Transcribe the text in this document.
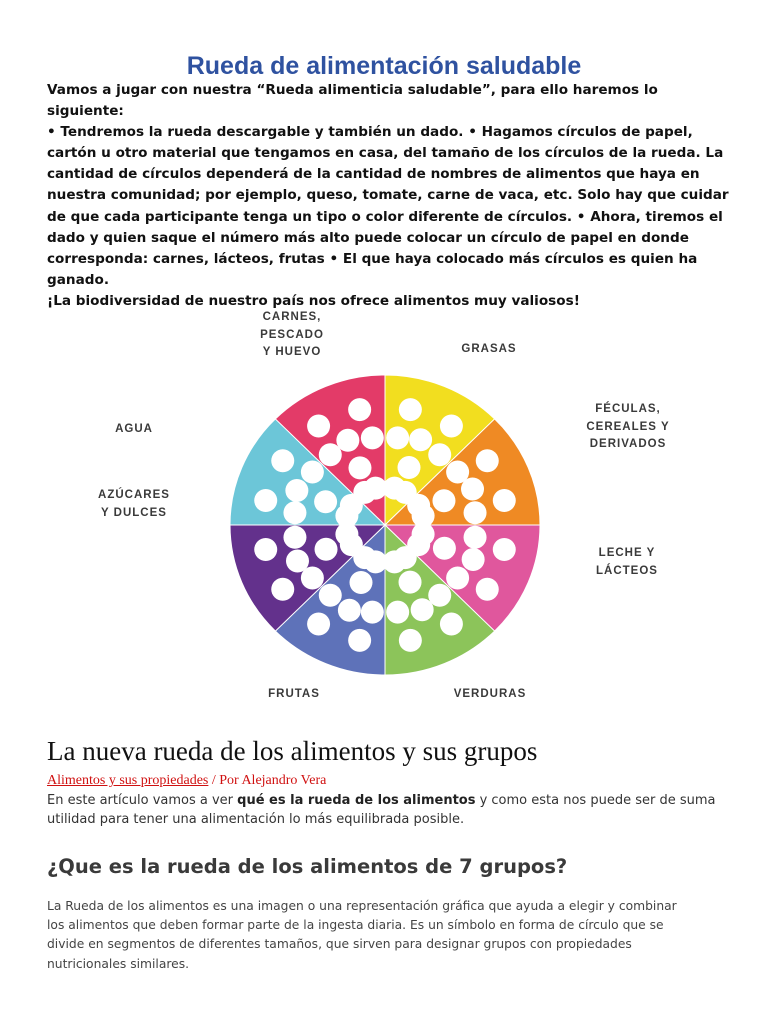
Rueda de alimentación saludable

Vamos a jugar con nuestra “Rueda alimenticia saludable”, para ello haremos lo siguiente:

• Tendremos la rueda descargable y también un dado. • Hagamos círculos de papel,

cartón u otro material que tengamos en casa, del tamaño de los círculos de la rueda. La

cantidad de círculos dependerá de la cantidad de nombres de alimentos que haya en

nuestra comunidad; por ejemplo, queso, tomate, carne de vaca, etc. Solo hay que cuidar

de que cada participante tenga un tipo o color diferente de círculos. • Ahora, tiremos el

dado y quien saque el número más alto puede colocar un círculo de papel en donde

corresponda: carnes, lácteos, frutas • El que haya colocado más círculos es quien ha

ganado.

¡La biodiversidad de nuestro país nos ofrece alimentos muy valiosos!

CARNES,
PESCADO
Y HUEVO	GRASAS
FÉCULAS,
CEREALES Y
DERIVADOS
LECHE Y
LÁCTEOS
VERDURAS
FRUTAS
AZÚCARES
Y DULCES
AGUA
La nueva rueda de los alimentos y sus grupos
Alimentos y sus propiedades / Por Alejandro Vera
En este artículo vamos a ver qué es la rueda de los alimentos y como esta nos puede ser de suma
utilidad para tener una alimentación lo más equilibrada posible.
¿Que es la rueda de los alimentos de 7 grupos?

La Rueda de los alimentos es una imagen o una representación gráfica que ayuda a elegir y combinar

los alimentos que deben formar parte de la ingesta diaria. Es un símbolo en forma de círculo que se

divide en segmentos de diferentes tamaños, que sirven para designar grupos con propiedades

nutricionales similares.
